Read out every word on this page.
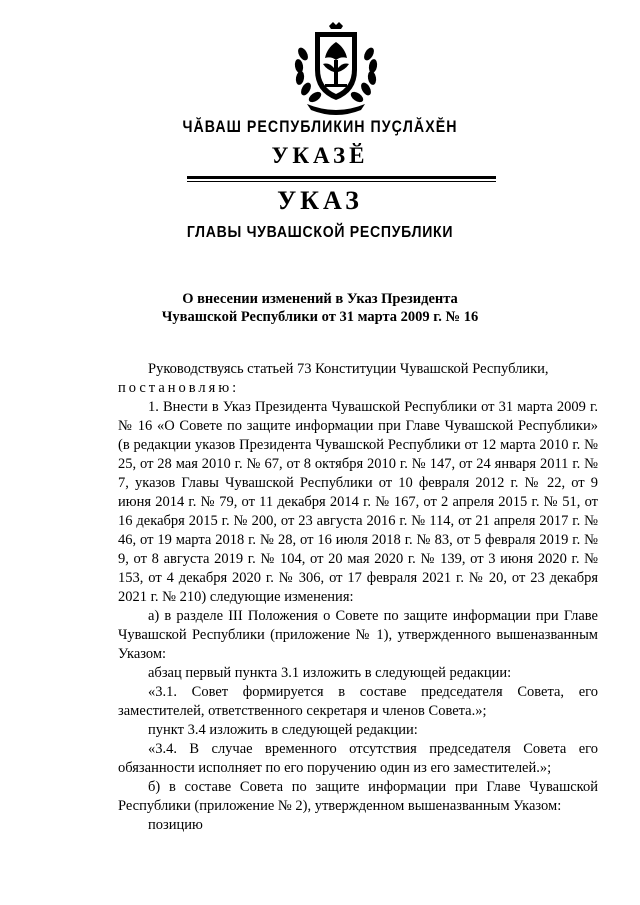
ЧӐВАШ РЕСПУБЛИКИН ПУҪЛӐХӖН
УКАЗӖ
УКАЗ
ГЛАВЫ ЧУВАШСКОЙ РЕСПУБЛИКИ
О внесении изменений в Указ Президента
Чувашской Республики от 31 марта 2009 г. № 16

Руководствуясь статьей 73 Конституции Чувашской Республики,

постановляю:

1. Внести в Указ Президента Чувашской Республики от 31 марта 2009 г. № 16 «О Совете по защите информации при Главе Чувашской Республики» (в редакции указов Президента Чувашской Республики от 12 марта 2010 г. № 25, от 28 мая 2010 г. № 67, от 8 октября 2010 г. № 147, от 24 января 2011 г. № 7, указов Главы Чувашской Республики от 10 февраля 2012 г. № 22, от 9 июня 2014 г. № 79, от 11 декабря 2014 г. № 167, от 2 апреля 2015 г. № 51, от 16 декабря 2015 г. № 200, от 23 августа 2016 г. № 114, от 21 апреля 2017 г. № 46, от 19 марта 2018 г. № 28, от 16 июля 2018 г. № 83, от 5 февраля 2019 г. № 9, от 8 августа 2019 г. № 104, от 20 мая 2020 г. № 139, от 3 июня 2020 г. № 153, от 4 декабря 2020 г. № 306, от 17 февраля 2021 г. № 20, от 23 декабря 2021 г. № 210) следующие изменения:

а) в разделе III Положения о Совете по защите информации при Главе Чувашской Республики (приложение № 1), утвержденного вышеназванным Указом:

абзац первый пункта 3.1 изложить в следующей редакции:

«3.1. Совет формируется в составе председателя Совета, его заместителей, ответственного секретаря и членов Совета.»;

пункт 3.4 изложить в следующей редакции:

«3.4. В случае временного отсутствия председателя Совета его обязанности исполняет по его поручению один из его заместителей.»;

б) в составе Совета по защите информации при Главе Чувашской Республики (приложение № 2), утвержденном вышеназванным Указом:

позицию
